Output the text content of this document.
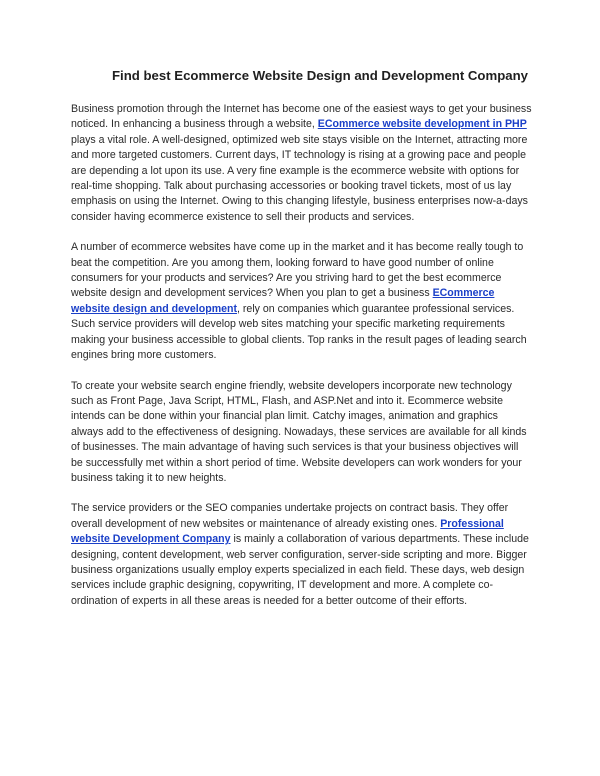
Find best Ecommerce Website Design and Development Company

Business promotion through the Internet has become one of the easiest ways to get your business noticed. In enhancing a business through a website, ECommerce website development in PHP plays a vital role. A well-designed, optimized web site stays visible on the Internet, attracting more and more targeted customers. Current days, IT technology is rising at a growing pace and people are depending a lot upon its use. A very fine example is the ecommerce website with options for real-time shopping. Talk about purchasing accessories or booking travel tickets, most of us lay emphasis on using the Internet. Owing to this changing lifestyle, business enterprises now-a-days consider having ecommerce existence to sell their products and services.

A number of ecommerce websites have come up in the market and it has become really tough to beat the competition. Are you among them, looking forward to have good number of online consumers for your products and services? Are you striving hard to get the best ecommerce website design and development services? When you plan to get a business ECommerce website design and development, rely on companies which guarantee professional services. Such service providers will develop web sites matching your specific marketing requirements making your business accessible to global clients. Top ranks in the result pages of leading search engines bring more customers.

To create your website search engine friendly, website developers incorporate new technology such as Front Page, Java Script, HTML, Flash, and ASP.Net and into it. Ecommerce website intends can be done within your financial plan limit. Catchy images, animation and graphics always add to the effectiveness of designing. Nowadays, these services are available for all kinds of businesses. The main advantage of having such services is that your business objectives will be successfully met within a short period of time. Website developers can work wonders for your business taking it to new heights.

The service providers or the SEO companies undertake projects on contract basis. They offer overall development of new websites or maintenance of already existing ones. Professional website Development Company is mainly a collaboration of various departments. These include designing, content development, web server configuration, server-side scripting and more. Bigger business organizations usually employ experts specialized in each field. These days, web design services include graphic designing, copywriting, IT development and more. A complete co-ordination of experts in all these areas is needed for a better outcome of their efforts.
